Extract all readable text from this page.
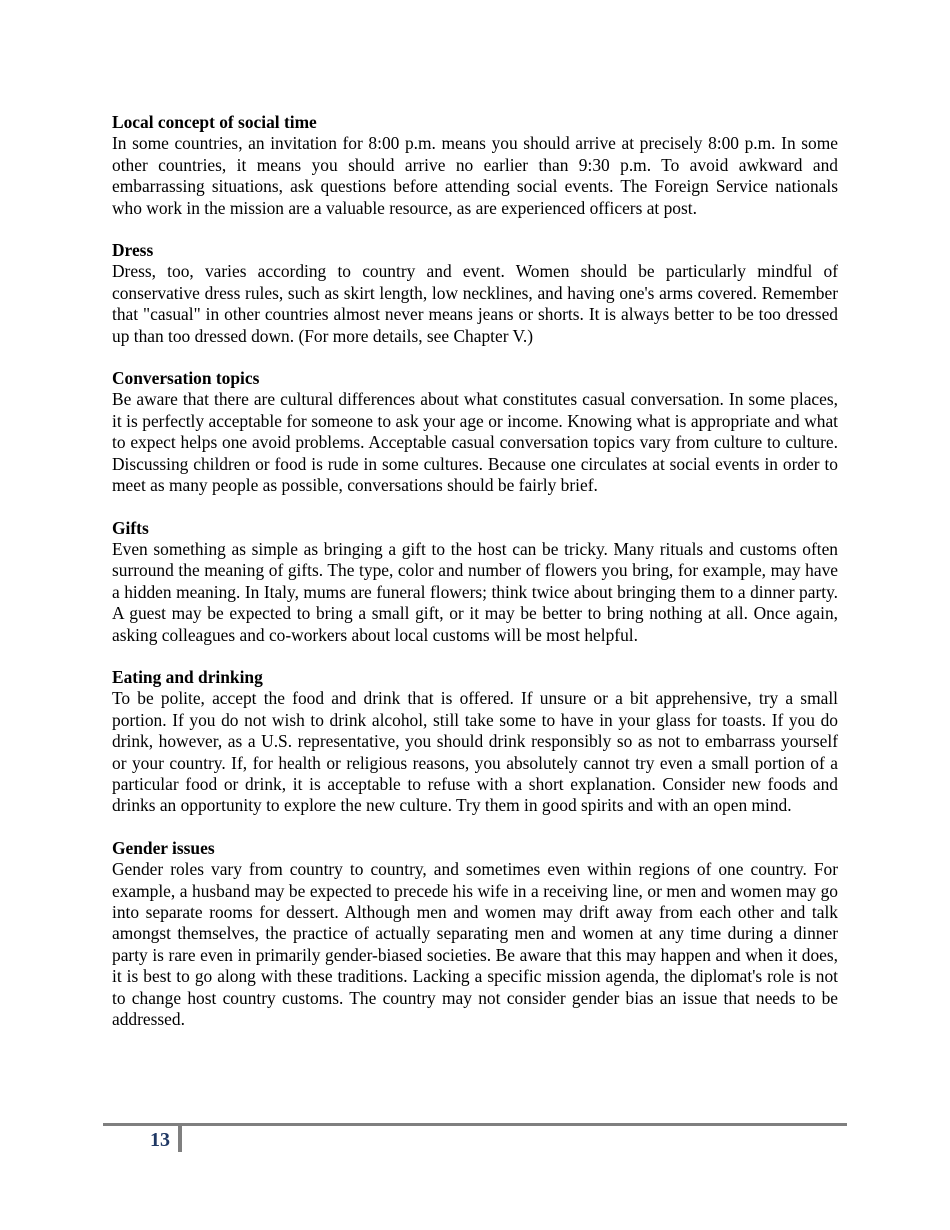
Local concept of social time

In some countries, an invitation for 8:00 p.m. means you should arrive at precisely 8:00 p.m. In some other countries, it means you should arrive no earlier than 9:30 p.m. To avoid awkward and embarrassing situations, ask questions before attending social events. The Foreign Service nationals who work in the mission are a valuable resource, as are experienced officers at post.

Dress

Dress, too, varies according to country and event. Women should be particularly mindful of conservative dress rules, such as skirt length, low necklines, and having one's arms covered. Remember that "casual" in other countries almost never means jeans or shorts. It is always better to be too dressed up than too dressed down. (For more details, see Chapter V.)

Conversation topics

Be aware that there are cultural differences about what constitutes casual conversation. In some places, it is perfectly acceptable for someone to ask your age or income. Knowing what is appropriate and what to expect helps one avoid problems. Acceptable casual conversation topics vary from culture to culture. Discussing children or food is rude in some cultures. Because one circulates at social events in order to meet as many people as possible, conversations should be fairly brief.

Gifts

Even something as simple as bringing a gift to the host can be tricky. Many rituals and customs often surround the meaning of gifts. The type, color and number of flowers you bring, for example, may have a hidden meaning. In Italy, mums are funeral flowers; think twice about bringing them to a dinner party. A guest may be expected to bring a small gift, or it may be better to bring nothing at all. Once again, asking colleagues and co-workers about local customs will be most helpful.

Eating and drinking

To be polite, accept the food and drink that is offered. If unsure or a bit apprehensive, try a small portion. If you do not wish to drink alcohol, still take some to have in your glass for toasts. If you do drink, however, as a U.S. representative, you should drink responsibly so as not to embarrass yourself or your country. If, for health or religious reasons, you absolutely cannot try even a small portion of a particular food or drink, it is acceptable to refuse with a short explanation. Consider new foods and drinks an opportunity to explore the new culture. Try them in good spirits and with an open mind.

Gender issues

Gender roles vary from country to country, and sometimes even within regions of one country. For example, a husband may be expected to precede his wife in a receiving line, or men and women may go into separate rooms for dessert. Although men and women may drift away from each other and talk amongst themselves, the practice of actually separating men and women at any time during a dinner party is rare even in primarily gender-biased societies. Be aware that this may happen and when it does, it is best to go along with these traditions. Lacking a specific mission agenda, the diplomat's role is not to change host country customs. The country may not consider gender bias an issue that needs to be addressed.

13
